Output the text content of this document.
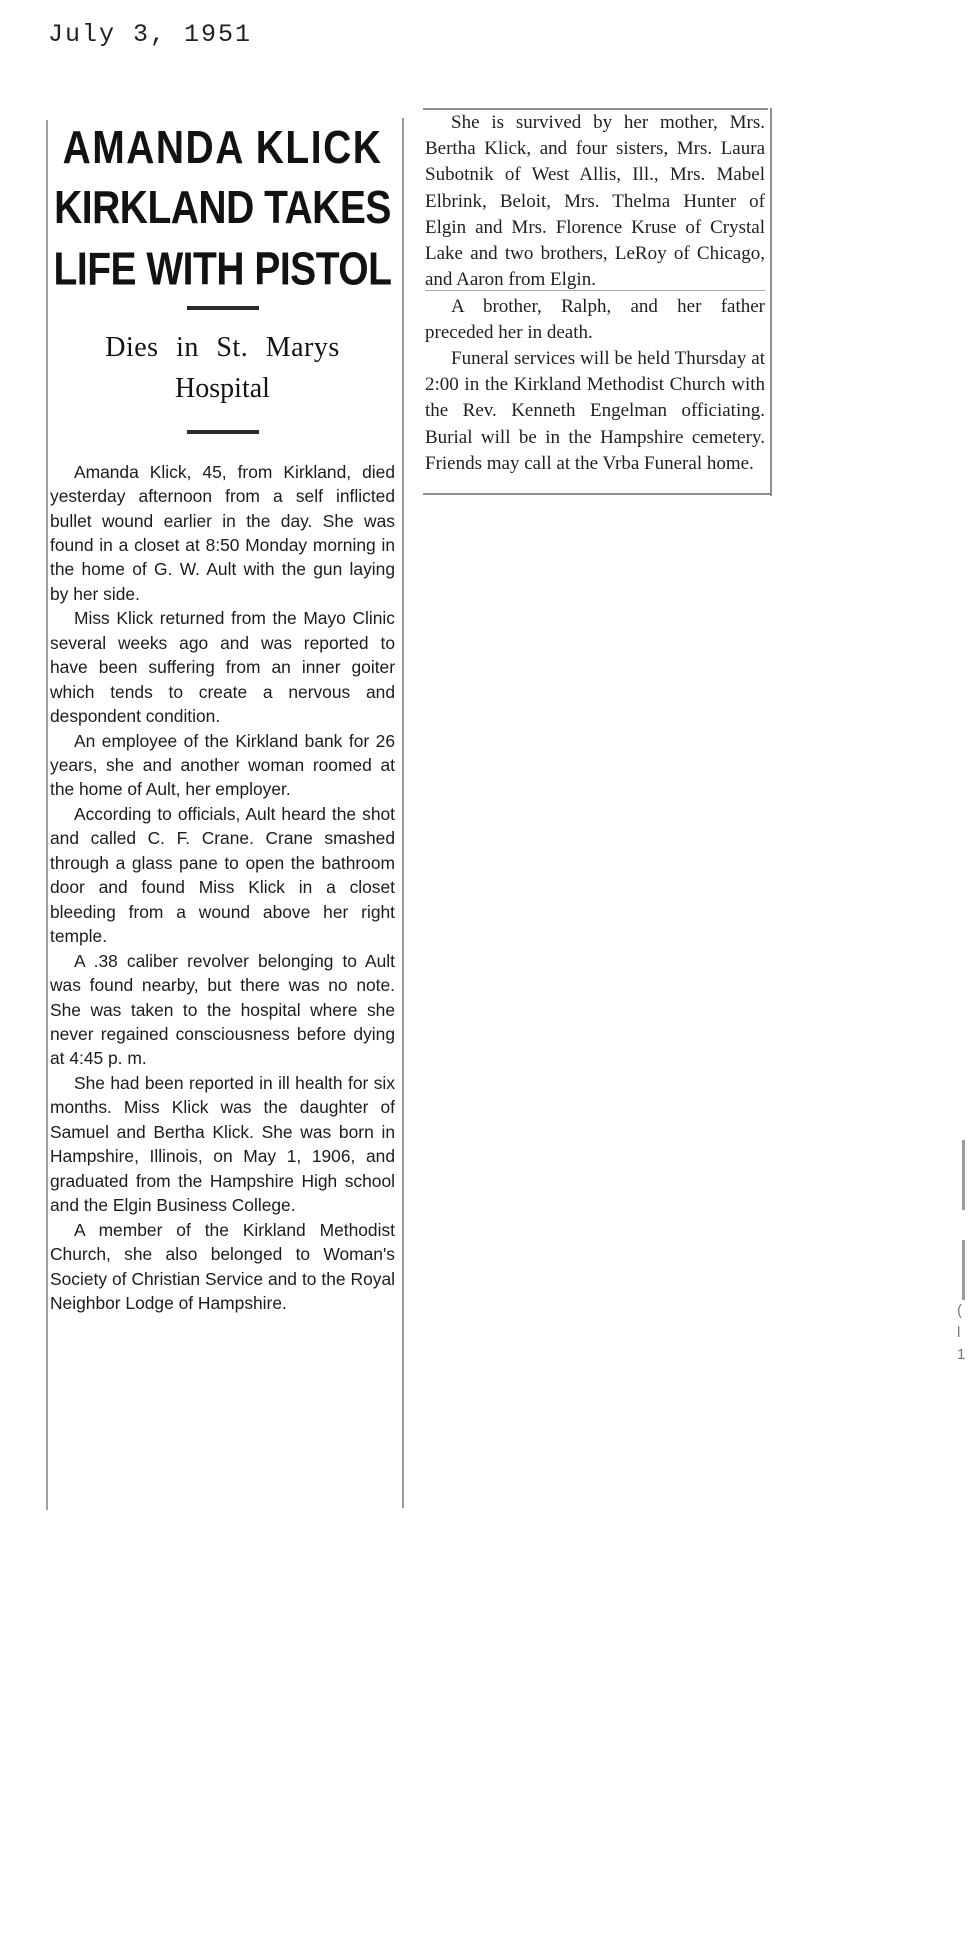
July 3, 1951
AMANDA KLICK
KIRKLAND TAKES
LIFE WITH PISTOL
Dies in St. Marys
Hospital

Amanda Klick, 45, from Kirkland, died yesterday afternoon from a self inflicted bullet wound earlier in the day. She was found in a closet at 8:50 Monday morning in the home of G. W. Ault with the gun laying by her side.

Miss Klick returned from the Mayo Clinic several weeks ago and was reported to have been suffering from an inner goiter which tends to create a nervous and despondent condition.

An employee of the Kirkland bank for 26 years, she and another woman roomed at the home of Ault, her employer.

According to officials, Ault heard the shot and called C. F. Crane. Crane smashed through a glass pane to open the bathroom door and found Miss Klick in a closet bleeding from a wound above her right temple.

A .38 caliber revolver belonging to Ault was found nearby, but there was no note. She was taken to the hospital where she never regained consciousness before dying at 4:45 p. m.

She had been reported in ill health for six months. Miss Klick was the daughter of Samuel and Bertha Klick. She was born in Hampshire, Illinois, on May 1, 1906, and graduated from the Hampshire High school and the Elgin Business College.

A member of the Kirkland Methodist Church, she also belonged to Woman's Society of Christian Service and to the Royal Neighbor Lodge of Hampshire.

She is survived by her mother, Mrs. Bertha Klick, and four sisters, Mrs. Laura Subotnik of West Allis, Ill., Mrs. Mabel Elbrink, Beloit, Mrs. Thelma Hunter of Elgin and Mrs. Florence Kruse of Crystal Lake and two brothers, LeRoy of Chicago, and Aaron from Elgin.

A brother, Ralph, and her father preceded her in death.

Funeral services will be held Thursday at 2:00 in the Kirkland Methodist Church with the Rev. Kenneth Engelman officiating. Burial will be in the Hampshire cemetery. Friends may call at the Vrba Funeral home.

(
l
1
